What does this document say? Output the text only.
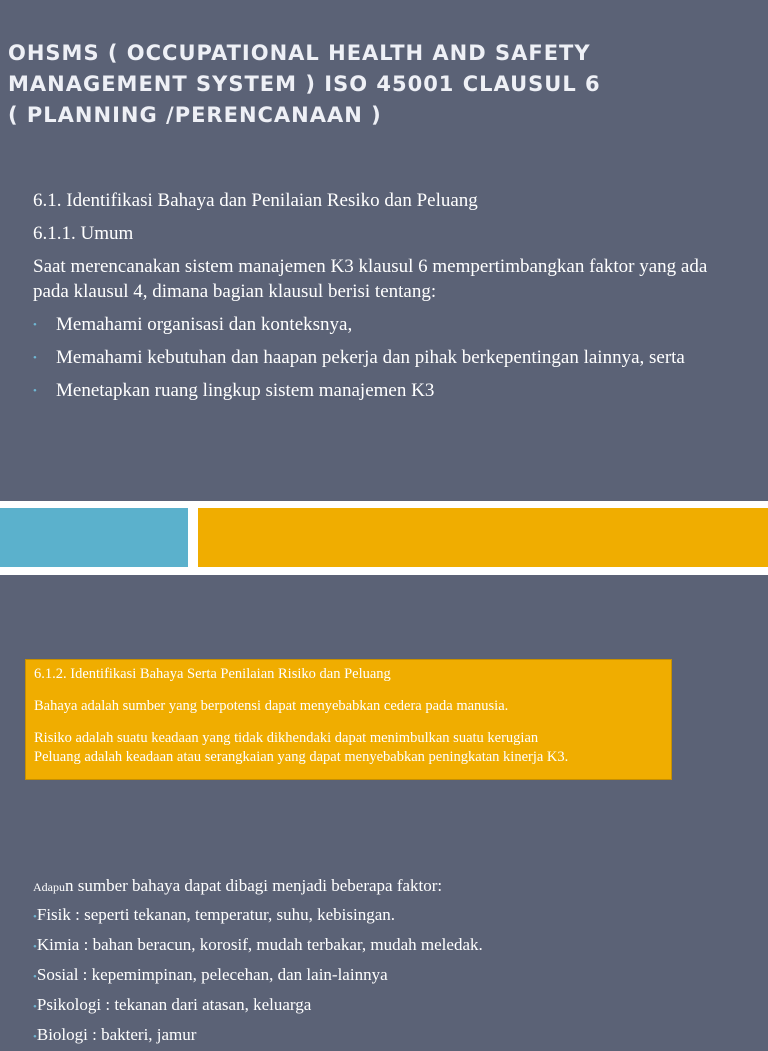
OHSMS ( OCCUPATIONAL HEALTH AND SAFETY
MANAGEMENT SYSTEM ) ISO 45001 CLAUSUL 6
( PLANNING /PERENCANAAN )

6.1. Identifikasi Bahaya dan Penilaian Resiko dan Peluang

6.1.1. Umum

Saat merencanakan sistem manajemen K3 klausul 6 mempertimbangkan faktor yang ada pada klausul 4, dimana bagian klausul berisi tentang:

• Memahami organisasi dan konteksnya,
• Memahami kebutuhan dan haapan pekerja dan pihak berkepentingan lainnya, serta
• Menetapkan ruang lingkup sistem manajemen K3

6.1.2. Identifikasi Bahaya Serta Penilaian Risiko dan Peluang

Bahaya adalah sumber yang berpotensi dapat menyebabkan cedera pada manusia.

Risiko adalah suatu keadaan yang tidak dikhendaki dapat menimbulkan suatu kerugian

Peluang adalah keadaan atau serangkaian yang dapat menyebabkan peningkatan kinerja K3.

Adapun sumber bahaya dapat dibagi menjadi beberapa faktor:
•Fisik : seperti tekanan, temperatur, suhu, kebisingan.
•Kimia : bahan beracun, korosif, mudah terbakar, mudah meledak.
•Sosial : kepemimpinan, pelecehan, dan lain-lainnya
•Psikologi : tekanan dari atasan, keluarga
•Biologi : bakteri, jamur
